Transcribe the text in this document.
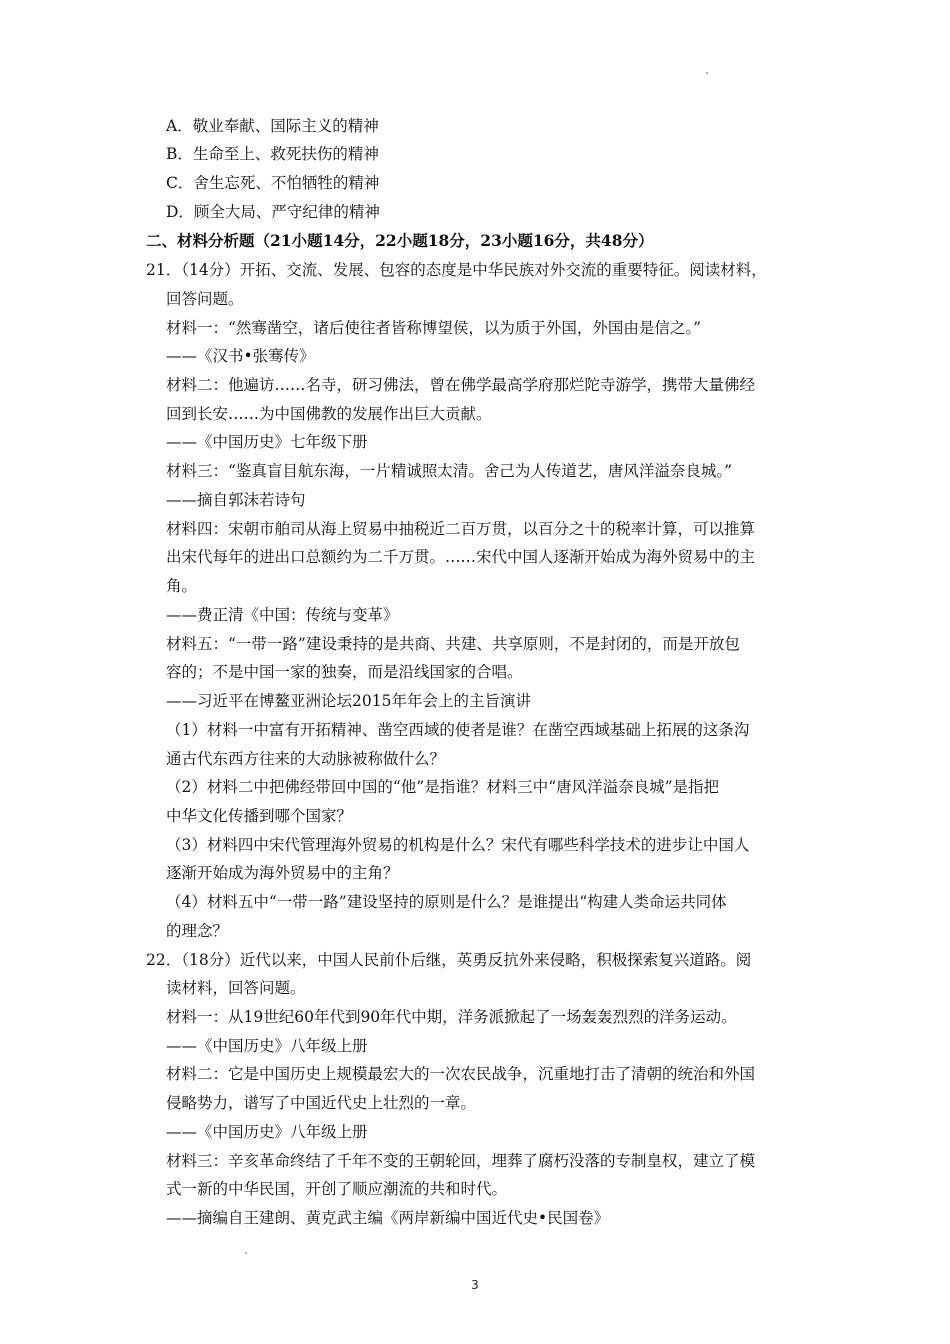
A．敬业奉献、国际主义的精神
B．生命至上、救死扶伤的精神
C．舍生忘死、不怕牺牲的精神
D．顾全大局、严守纪律的精神
二、材料分析题（21小题14分，22小题18分，23小题16分，共48分）
21．（14分）开拓、交流、发展、包容的态度是中华民族对外交流的重要特征。阅读材料，
回答问题。
材料一：“然骞凿空，诸后使往者皆称博望侯，以为质于外国，外国由是信之。”
——《汉书•张骞传》
材料二：他遍访……名寺，研习佛法，曾在佛学最高学府那烂陀寺游学，携带大量佛经
回到长安……为中国佛教的发展作出巨大贡献。
——《中国历史》七年级下册
材料三：“鉴真盲目航东海，一片精诚照太清。舍己为人传道艺，唐风洋溢奈良城。”
——摘自郭沫若诗句
材料四：宋朝市舶司从海上贸易中抽税近二百万贯，以百分之十的税率计算，可以推算
出宋代每年的进出口总额约为二千万贯。……宋代中国人逐渐开始成为海外贸易中的主
角。
——费正清《中国：传统与变革》
材料五：“一带一路”建设秉持的是共商、共建、共享原则，不是封闭的，而是开放包
容的；不是中国一家的独奏，而是沿线国家的合唱。
——习近平在博鳌亚洲论坛2015年年会上的主旨演讲
（1）材料一中富有开拓精神、凿空西域的使者是谁？在凿空西域基础上拓展的这条沟
通古代东西方往来的大动脉被称做什么？
（2）材料二中把佛经带回中国的“他”是指谁？材料三中“唐风洋溢奈良城”是指把
中华文化传播到哪个国家？
（3）材料四中宋代管理海外贸易的机构是什么？宋代有哪些科学技术的进步让中国人
逐渐开始成为海外贸易中的主角？
（4）材料五中“一带一路”建设坚持的原则是什么？是谁提出“构建人类命运共同体
的理念？
22．（18分）近代以来，中国人民前仆后继，英勇反抗外来侵略，积极探索复兴道路。阅
读材料，回答问题。
材料一：从19世纪60年代到90年代中期，洋务派掀起了一场轰轰烈烈的洋务运动。
——《中国历史》八年级上册
材料二：它是中国历史上规模最宏大的一次农民战争，沉重地打击了清朝的统治和外国
侵略势力，谱写了中国近代史上壮烈的一章。
——《中国历史》八年级上册
材料三：辛亥革命终结了千年不变的王朝轮回，埋葬了腐朽没落的专制皇权，建立了模
式一新的中华民国，开创了顺应潮流的共和时代。
——摘编自王建朗、黄克武主编《两岸新编中国近代史•民国卷》
3
